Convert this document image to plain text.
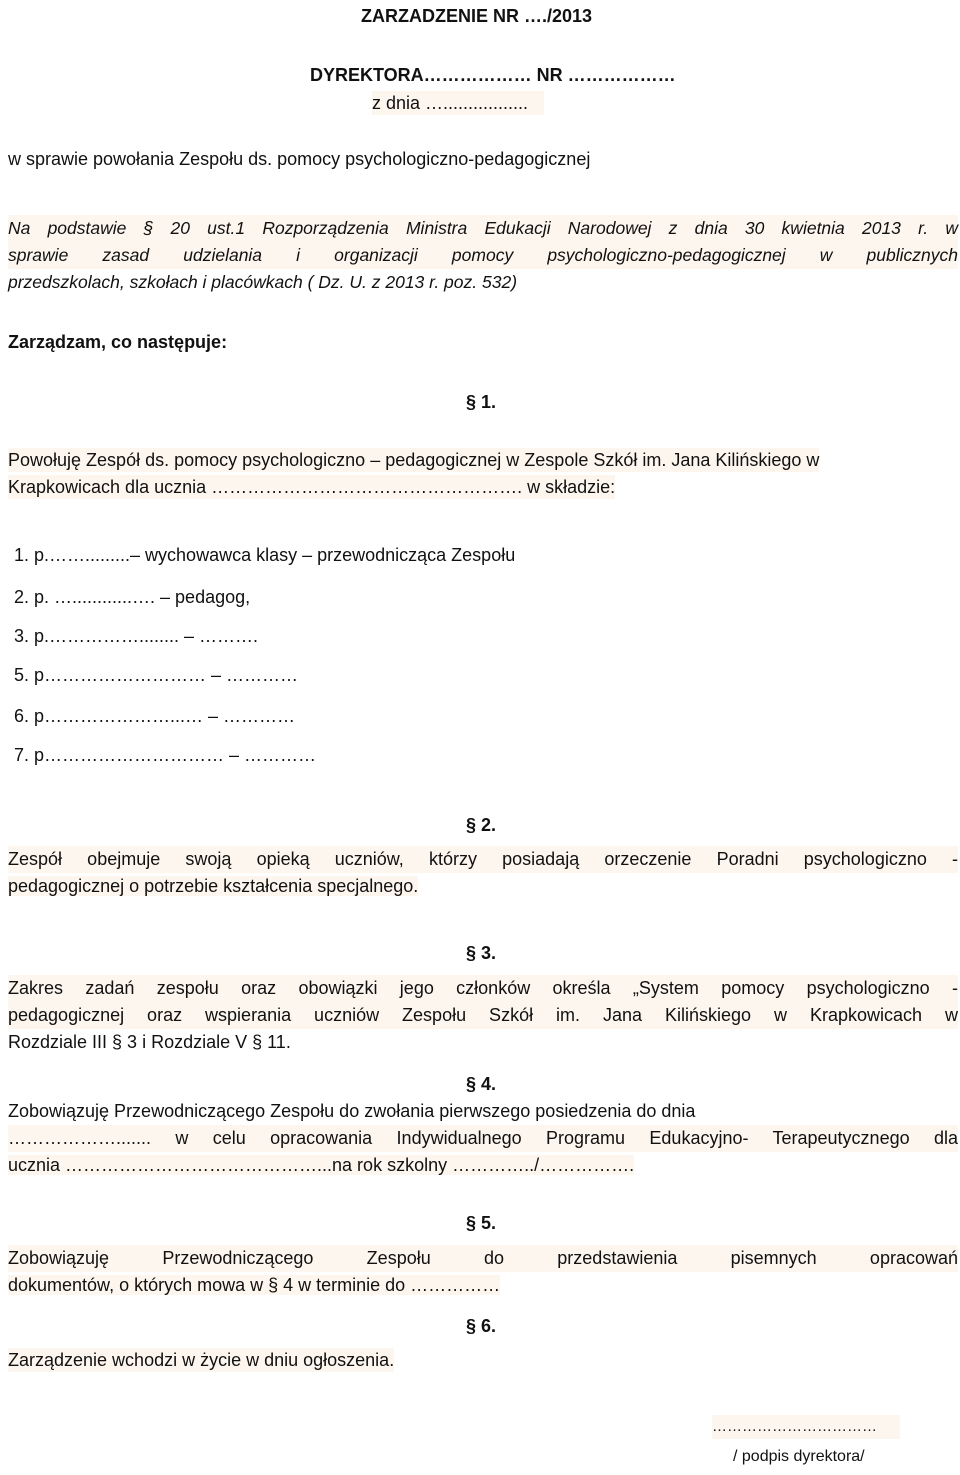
ZARZADZENIE NR …./2013
DYREKTORA……………… NR ………………
z dnia ….................
w sprawie powołania Zespołu ds. pomocy psychologiczno-pedagogicznej
Na podstawie § 20 ust.1 Rozporządzenia Ministra Edukacji Narodowej z dnia 30 kwietnia 2013 r. w
sprawie zasad udzielania i organizacji pomocy psychologiczno-pedagogicznej w publicznych
przedszkolach, szkołach i placówkach ( Dz. U. z 2013 r. poz. 532)
Zarządzam, co następuje:
§ 1.
Powołuję Zespół ds. pomocy psychologiczno – pedagogicznej w Zespole Szkół im. Jana Kilińskiego w
Krapkowicach dla ucznia ……………………………………………. w składzie:
1. p.…….........– wychowawca klasy – przewodnicząca Zespołu
2. p. …............…. – pedagog,
3. p.……………........ – ……….
5. p……………………… – …………
6. p…………………...… – …………
7. p………………………… – …………
§ 2.
Zespół obejmuje swoją opieką uczniów, którzy posiadają orzeczenie Poradni psychologiczno -
pedagogicznej o potrzebie kształcenia specjalnego.
§ 3.
Zakres zadań zespołu oraz obowiązki jego członków określa „System pomocy psychologiczno -
pedagogicznej oraz wspierania uczniów Zespołu Szkół im. Jana Kilińskiego w Krapkowicach w
Rozdziale III § 3 i Rozdziale V § 11.
§ 4.
Zobowiązuję Przewodniczącego Zespołu do zwołania pierwszego posiedzenia do dnia
………………....... w celu opracowania Indywidualnego Programu Edukacyjno- Terapeutycznego dla
ucznia ……………………………………...na rok szkolny …………../…………….
§ 5.
Zobowiązuję Przewodniczącego Zespołu do przedstawienia pisemnych opracowań
dokumentów, o których mowa w § 4 w terminie do ……………
§ 6.
Zarządzenie wchodzi w życie w dniu ogłoszenia.
……………………………
/ podpis dyrektora/
